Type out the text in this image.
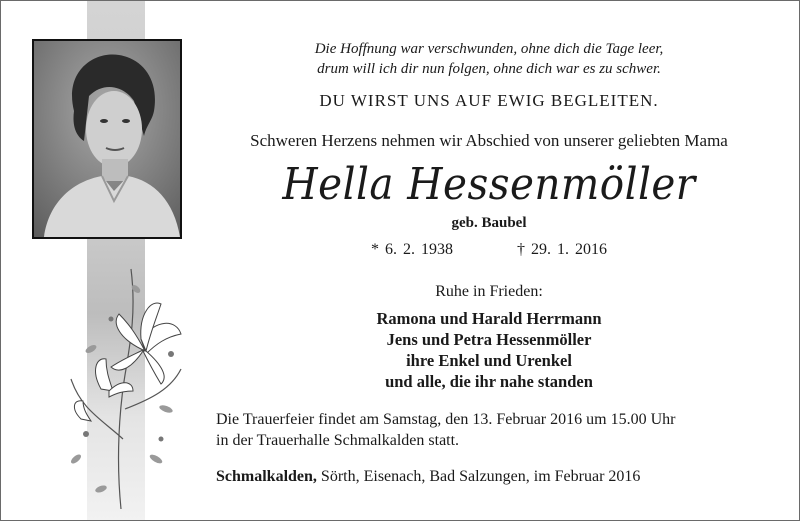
Die Hoffnung war verschwunden, ohne dich die Tage leer,
drum will ich dir nun folgen, ohne dich war es zu schwer.
DU WIRST UNS AUF EWIG BEGLEITEN.
Schweren Herzens nehmen wir Abschied von unserer geliebten Mama
Hella Hessenmöller
geb. Baubel
* 6. 2. 1938	† 29. 1. 2016
Ruhe in Frieden:
Ramona und Harald Herrmann
Jens und Petra Hessenmöller
ihre Enkel und Urenkel
und alle, die ihr nahe standen
Die Trauerfeier findet am Samstag, den 13. Februar 2016 um 15.00 Uhr
in der Trauerhalle Schmalkalden statt.
Schmalkalden, Sörth, Eisenach, Bad Salzungen, im Februar 2016
